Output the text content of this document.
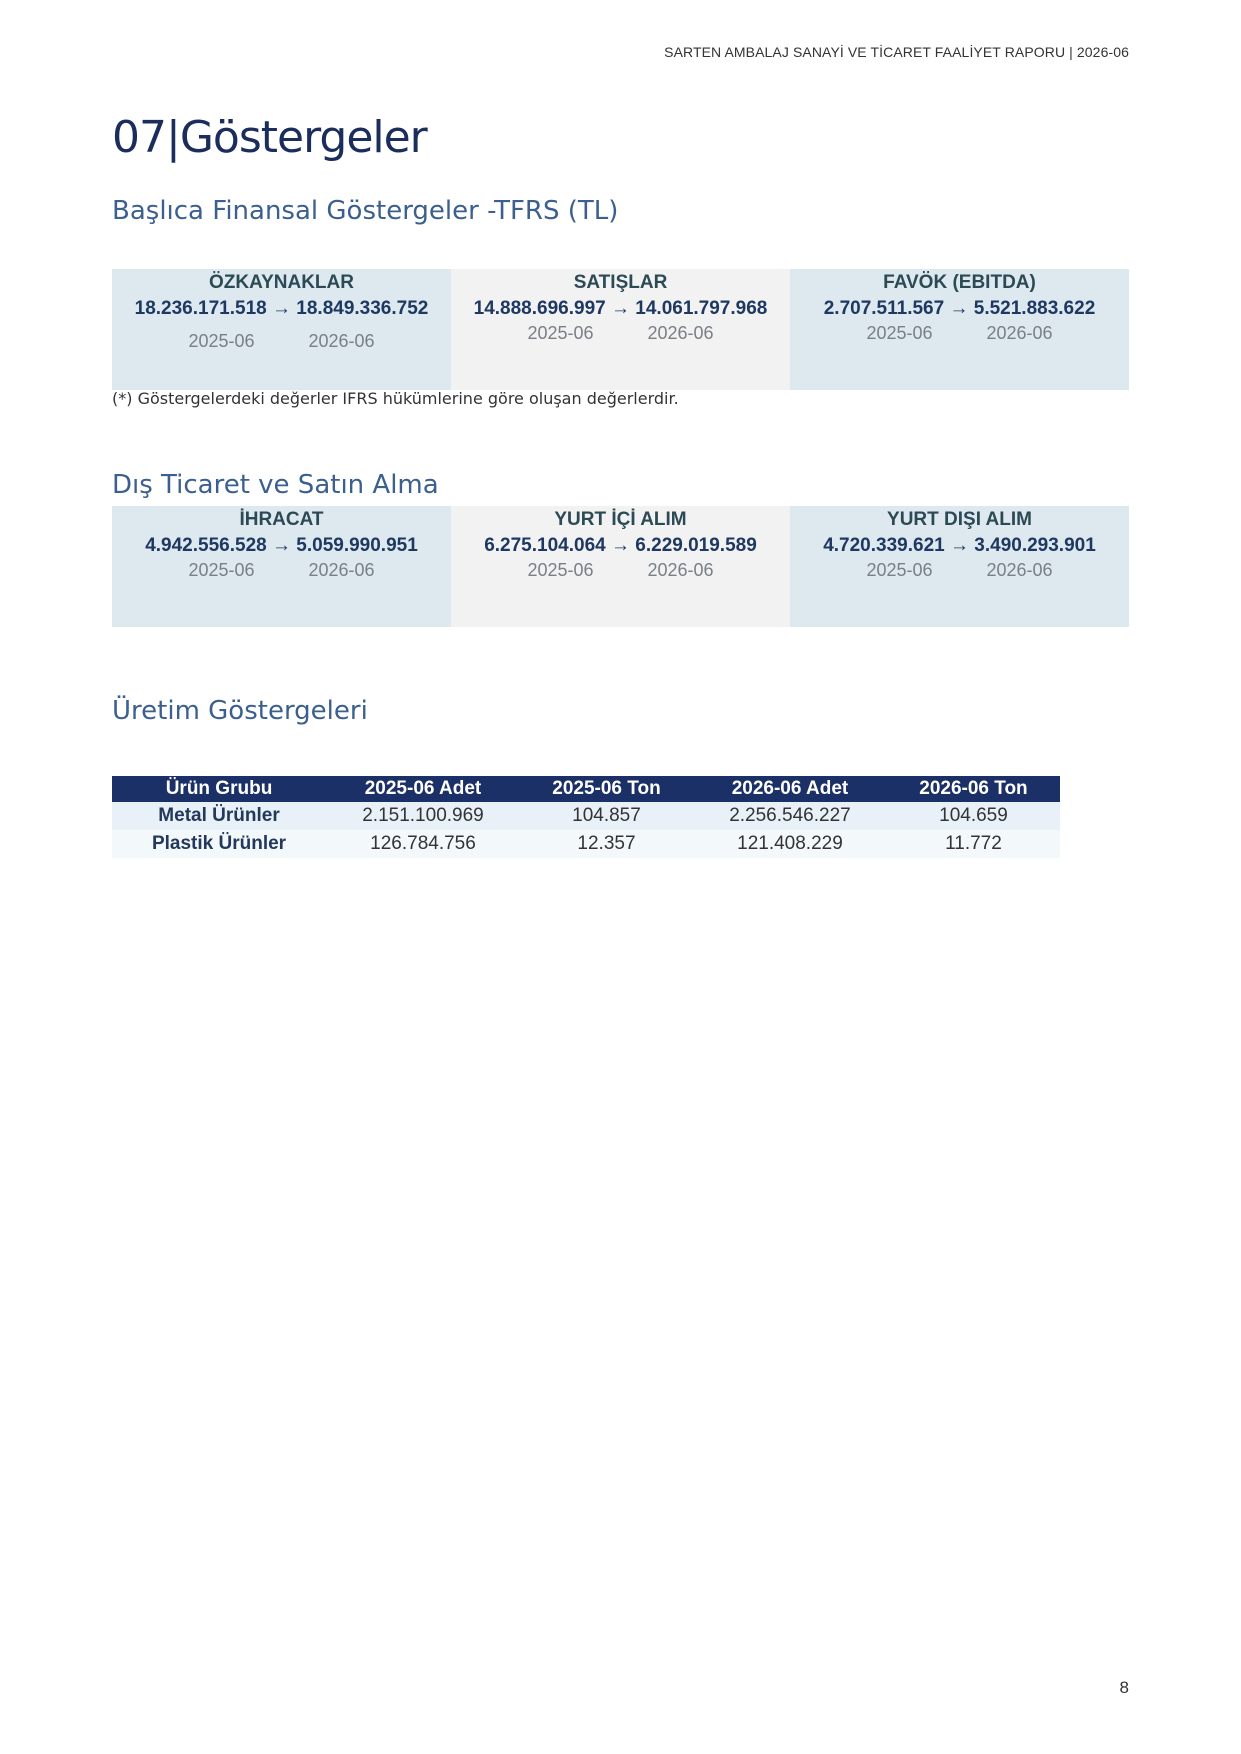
SARTEN AMBALAJ SANAYİ VE TİCARET FAALİYET RAPORU | 2026-06
07|Göstergeler
Başlıca Finansal Göstergeler -TFRS (TL)
ÖZKAYNAKLAR
18.236.171.518 → 18.849.336.752
2025-06	2026-06
SATIŞLAR
14.888.696.997 → 14.061.797.968
2025-06	2026-06
FAVÖK (EBITDA)
2.707.511.567 → 5.521.883.622
2025-06	2026-06
(*) Göstergelerdeki değerler IFRS hükümlerine göre oluşan değerlerdir.
Dış Ticaret ve Satın Alma
İHRACAT
4.942.556.528 → 5.059.990.951
2025-06	2026-06
YURT İÇİ ALIM
6.275.104.064 → 6.229.019.589
2025-06	2026-06
YURT DIŞI ALIM
4.720.339.621 → 3.490.293.901
2025-06	2026-06
Üretim Göstergeleri
Ürün Grubu	2025-06 Adet	2025-06 Ton	2026-06 Adet	2026-06 Ton
Metal Ürünler	2.151.100.969	104.857	2.256.546.227	104.659
Plastik Ürünler	126.784.756	12.357	121.408.229	11.772
8
